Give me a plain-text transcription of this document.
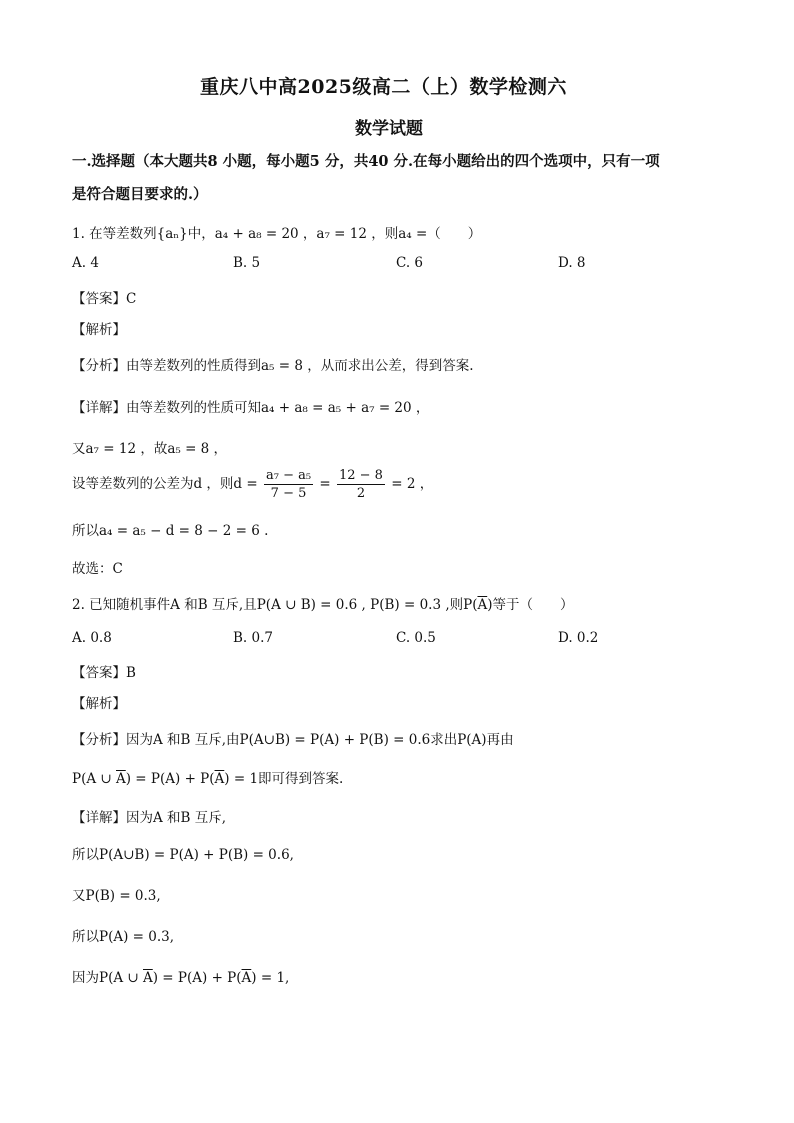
重庆八中高2025级高二（上）数学检测六
数学试题
一.选择题（本大题共8 小题，每小题5 分，共40 分.在每小题给出的四个选项中，只有一项
是符合题目要求的.）
1. 在等差数列{aₙ}中，a₄ + a₈ = 20 ，a₇ = 12 ，则a₄ =（　　）
A. 4	B. 5	C. 6	D. 8
【答案】C
【解析】
【分析】由等差数列的性质得到a₅ = 8 ，从而求出公差，得到答案.
【详解】由等差数列的性质可知a₄ + a₈ = a₅ + a₇ = 20 ，
又a₇ = 12 ，故a₅ = 8 ，
设等差数列的公差为d ，则$d = \frac{\text{a₇ − a₅}}{7 - 5} = \frac{12 - 8}{2} = 2$ ，
所以a₄ = a₅ − d = 8 − 2 = 6 .
故选：C
2. 已知随机事件A 和B 互斥,且P(A ∪ B) = 0.6 , P(B) = 0.3 ,则$P(\overline{A})$等于（　　）
A. 0.8	B. 0.7	C. 0.5	D. 0.2
【答案】B
【解析】
【分析】因为A 和B 互斥,由P(A∪B) = P(A) + P(B) = 0.6求出P(A)再由
P(A ∪ $\overline{A}) = P(A) + P(\overline{A}) = 1$即可得到答案.
【详解】因为A 和B 互斥,
所以P(A∪B) = P(A) + P(B) = 0.6,
又P(B) = 0.3,
所以P(A) = 0.3,
因为P(A ∪ $\overline{A}) = P(A) + P(\overline{A}) = 1$,
